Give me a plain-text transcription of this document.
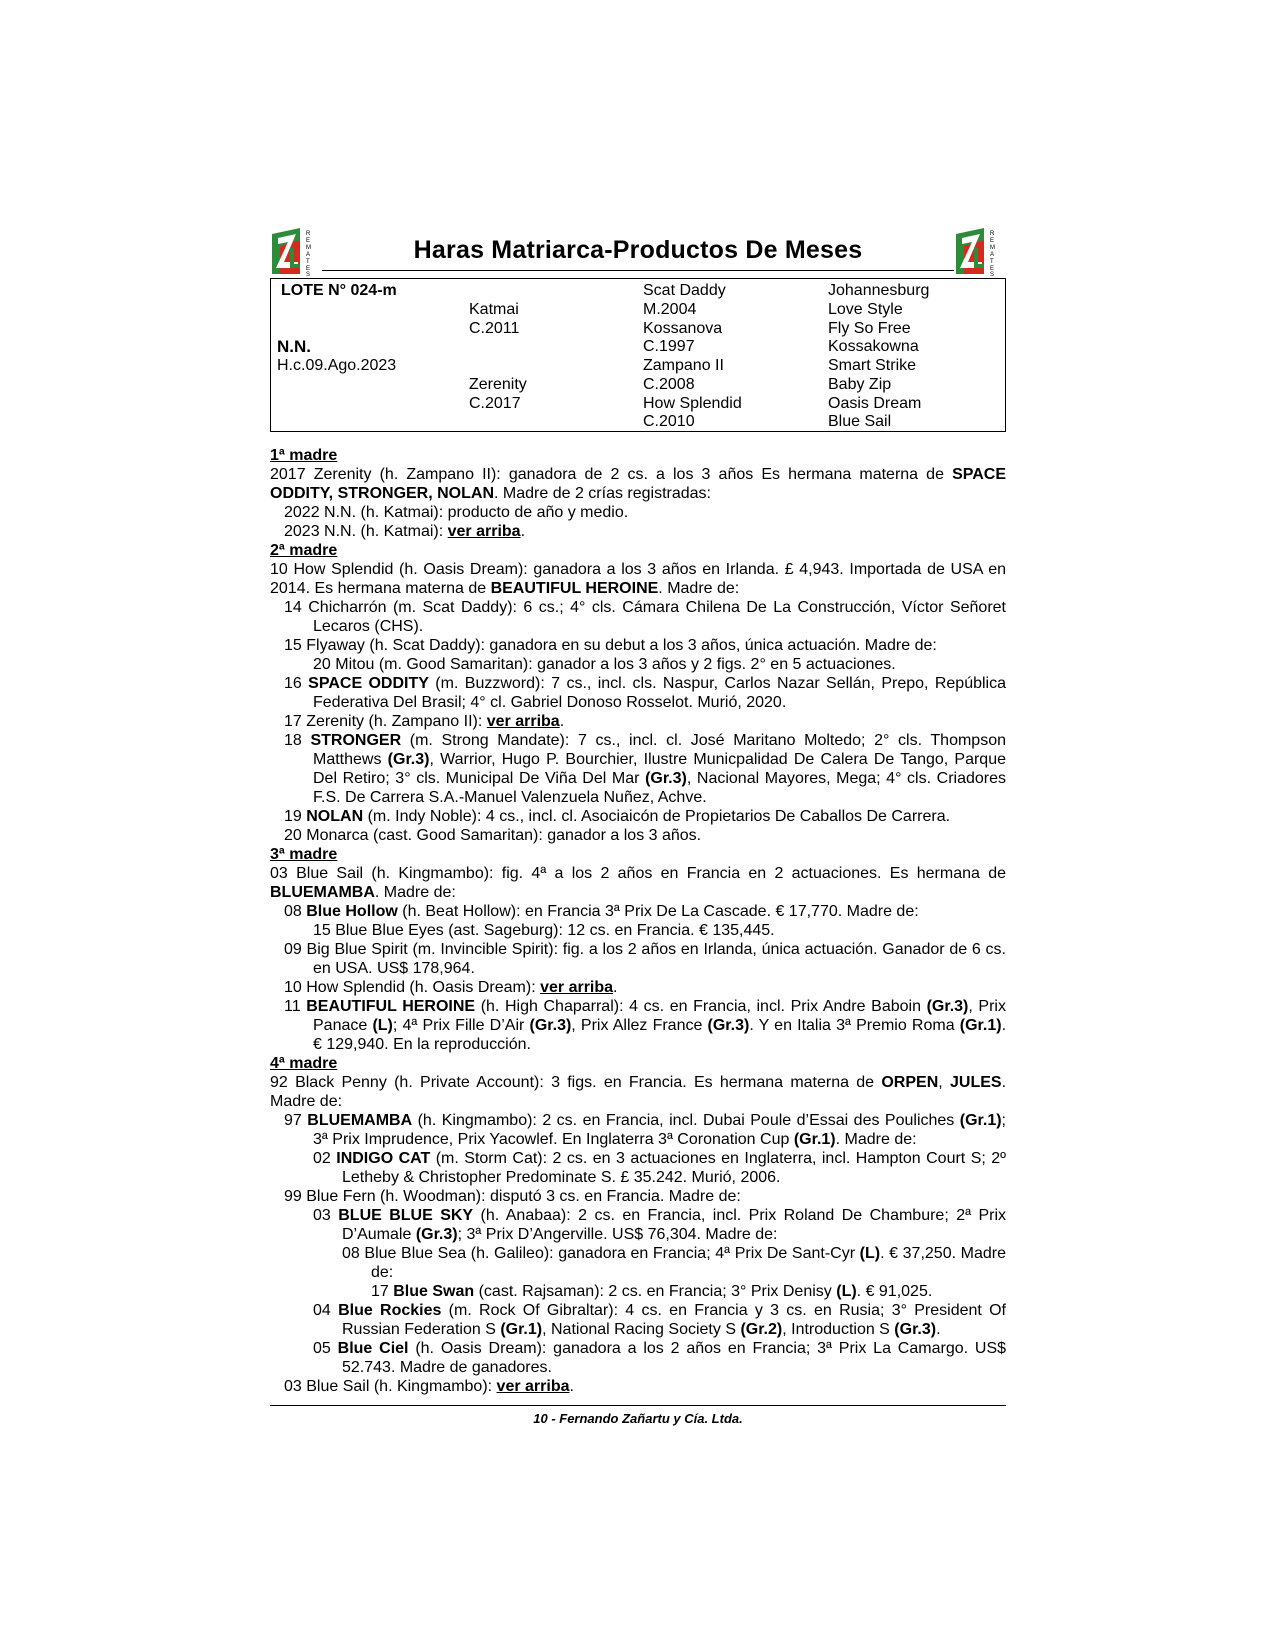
R
E
M
A
T
E
S
Haras Matriarca-Productos De Meses
R
E
M
A
T
E
S
LOTE N° 024-m
N.N.
H.c.09.Ago.2023
Katmai
C.2011
Zerenity
C.2017
Scat Daddy
M.2004
Kossanova
C.1997
Zampano II
C.2008
How Splendid
C.2010
Johannesburg
Love Style
Fly So Free
Kossakowna
Smart Strike
Baby Zip
Oasis Dream
Blue Sail

1ª madre

2017 Zerenity (h. Zampano II): ganadora de 2 cs. a los 3 años Es hermana materna de SPACE ODDITY, STRONGER, NOLAN. Madre de 2 crías registradas:

2022 N.N. (h. Katmai): producto de año y medio.

2023 N.N. (h. Katmai): ver arriba.

2ª madre

10 How Splendid (h. Oasis Dream): ganadora a los 3 años en Irlanda. £ 4,943. Importada de USA en 2014. Es hermana materna de BEAUTIFUL HEROINE. Madre de:

14 Chicharrón (m. Scat Daddy): 6 cs.; 4° cls. Cámara Chilena De La Construcción, Víctor Señoret Lecaros (CHS).

15 Flyaway (h. Scat Daddy): ganadora en su debut a los 3 años, única actuación. Madre de:

20 Mitou (m. Good Samaritan): ganador a los 3 años y 2 figs. 2° en 5 actuaciones.

16 SPACE ODDITY (m. Buzzword): 7 cs., incl. cls. Naspur, Carlos Nazar Sellán, Prepo, República Federativa Del Brasil; 4° cl. Gabriel Donoso Rosselot. Murió, 2020.

17 Zerenity (h. Zampano II): ver arriba.

18 STRONGER (m. Strong Mandate): 7 cs., incl. cl. José Maritano Moltedo; 2° cls. Thompson Matthews (Gr.3), Warrior, Hugo P. Bourchier, Ilustre Municpalidad De Calera De Tango, Parque Del Retiro; 3° cls. Municipal De Viña Del Mar (Gr.3), Nacional Mayores, Mega; 4° cls. Criadores F.S. De Carrera S.A.-Manuel Valenzuela Nuñez, Achve.

19 NOLAN (m. Indy Noble): 4 cs., incl. cl. Asociaicón de Propietarios De Caballos De Carrera.

20 Monarca (cast. Good Samaritan): ganador a los 3 años.

3ª madre

03 Blue Sail (h. Kingmambo): fig. 4ª a los 2 años en Francia en 2 actuaciones. Es hermana de BLUEMAMBA. Madre de:

08 Blue Hollow (h. Beat Hollow): en Francia 3ª Prix De La Cascade. € 17,770. Madre de:

15 Blue Blue Eyes (ast. Sageburg): 12 cs. en Francia. € 135,445.

09 Big Blue Spirit (m. Invincible Spirit): fig. a los 2 años en Irlanda, única actuación. Ganador de 6 cs. en USA. US$ 178,964.

10 How Splendid (h. Oasis Dream): ver arriba.

11 BEAUTIFUL HEROINE (h. High Chaparral): 4 cs. en Francia, incl. Prix Andre Baboin (Gr.3), Prix Panace (L); 4ª Prix Fille D’Air (Gr.3), Prix Allez France (Gr.3). Y en Italia 3ª Premio Roma (Gr.1). € 129,940. En la reproducción.

4ª madre

92 Black Penny (h. Private Account): 3 figs. en Francia. Es hermana materna de ORPEN, JULES. Madre de:

97 BLUEMAMBA (h. Kingmambo): 2 cs. en Francia, incl. Dubai Poule d’Essai des Pouliches (Gr.1); 3ª Prix Imprudence, Prix Yacowlef. En Inglaterra 3ª Coronation Cup (Gr.1). Madre de:

02 INDIGO CAT (m. Storm Cat): 2 cs. en 3 actuaciones en Inglaterra, incl. Hampton Court S; 2º Letheby & Christopher Predominate S. £ 35.242. Murió, 2006.

99 Blue Fern (h. Woodman): disputó 3 cs. en Francia. Madre de:

03 BLUE BLUE SKY (h. Anabaa): 2 cs. en Francia, incl. Prix Roland De Chambure; 2ª Prix D’Aumale (Gr.3); 3ª Prix D’Angerville. US$ 76,304. Madre de:

08 Blue Blue Sea (h. Galileo): ganadora en Francia; 4ª Prix De Sant-Cyr (L). € 37,250. Madre de:

17 Blue Swan (cast. Rajsaman): 2 cs. en Francia; 3° Prix Denisy (L). € 91,025.

04 Blue Rockies (m. Rock Of Gibraltar): 4 cs. en Francia y 3 cs. en Rusia; 3° President Of Russian Federation S (Gr.1), National Racing Society S (Gr.2), Introduction S (Gr.3).

05 Blue Ciel (h. Oasis Dream): ganadora a los 2 años en Francia; 3ª Prix La Camargo. US$ 52.743. Madre de ganadores.

03 Blue Sail (h. Kingmambo): ver arriba.

10 - Fernando Zañartu y Cía. Ltda.
